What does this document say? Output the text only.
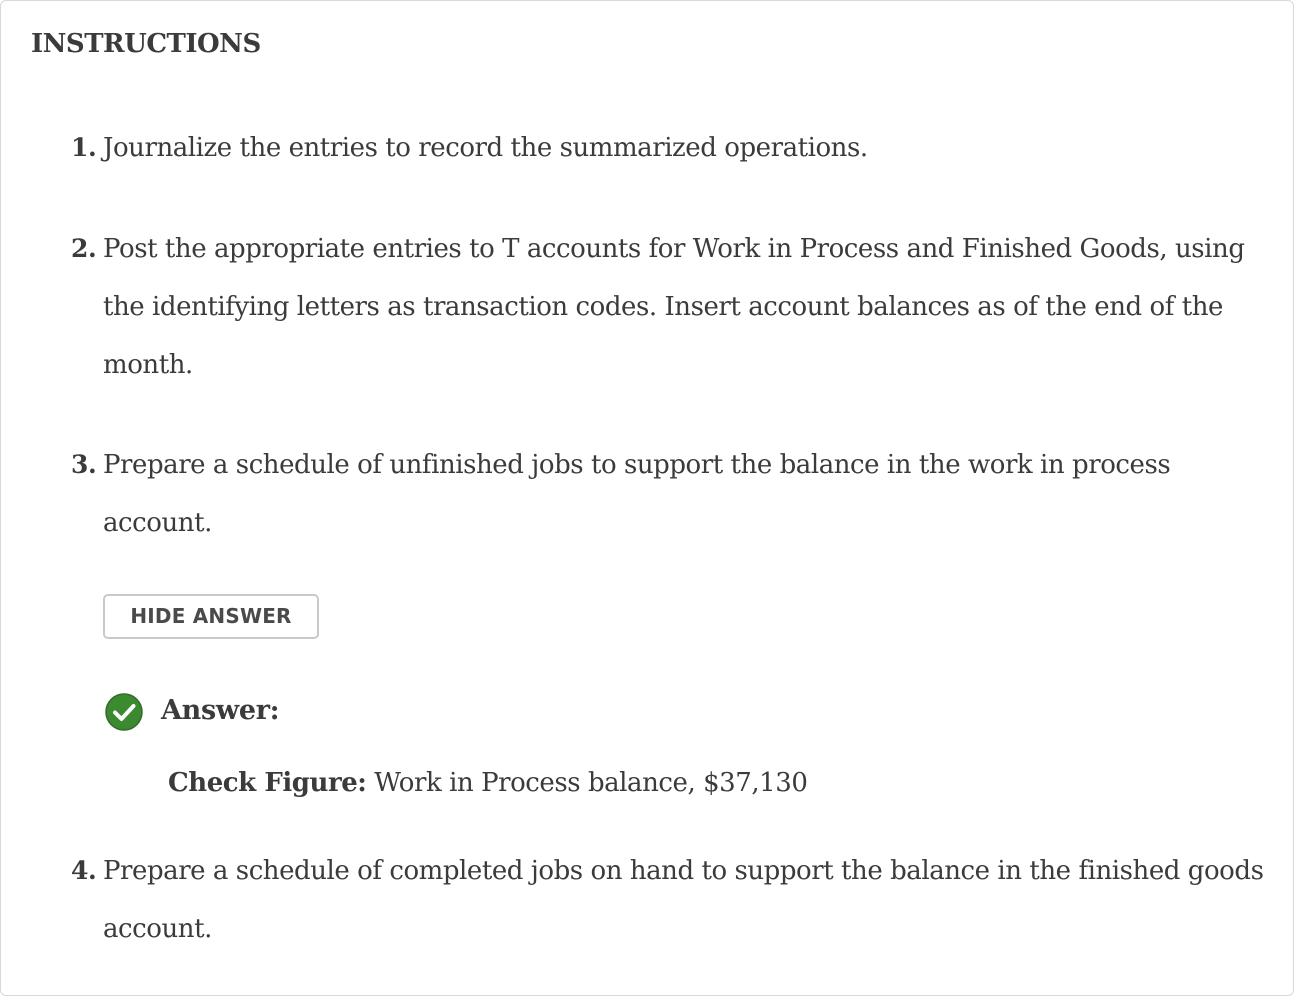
INSTRUCTIONS
1. Journalize the entries to record the summarized operations.
2. Post the appropriate entries to T accounts for Work in Process and Finished Goods, using the identifying letters as transaction codes. Insert account balances as of the end of the month.
3. Prepare a schedule of unfinished jobs to support the balance in the work in process account.
HIDE ANSWER
Answer:
Check Figure: Work in Process balance, $37,130
4. Prepare a schedule of completed jobs on hand to support the balance in the finished goods account.
